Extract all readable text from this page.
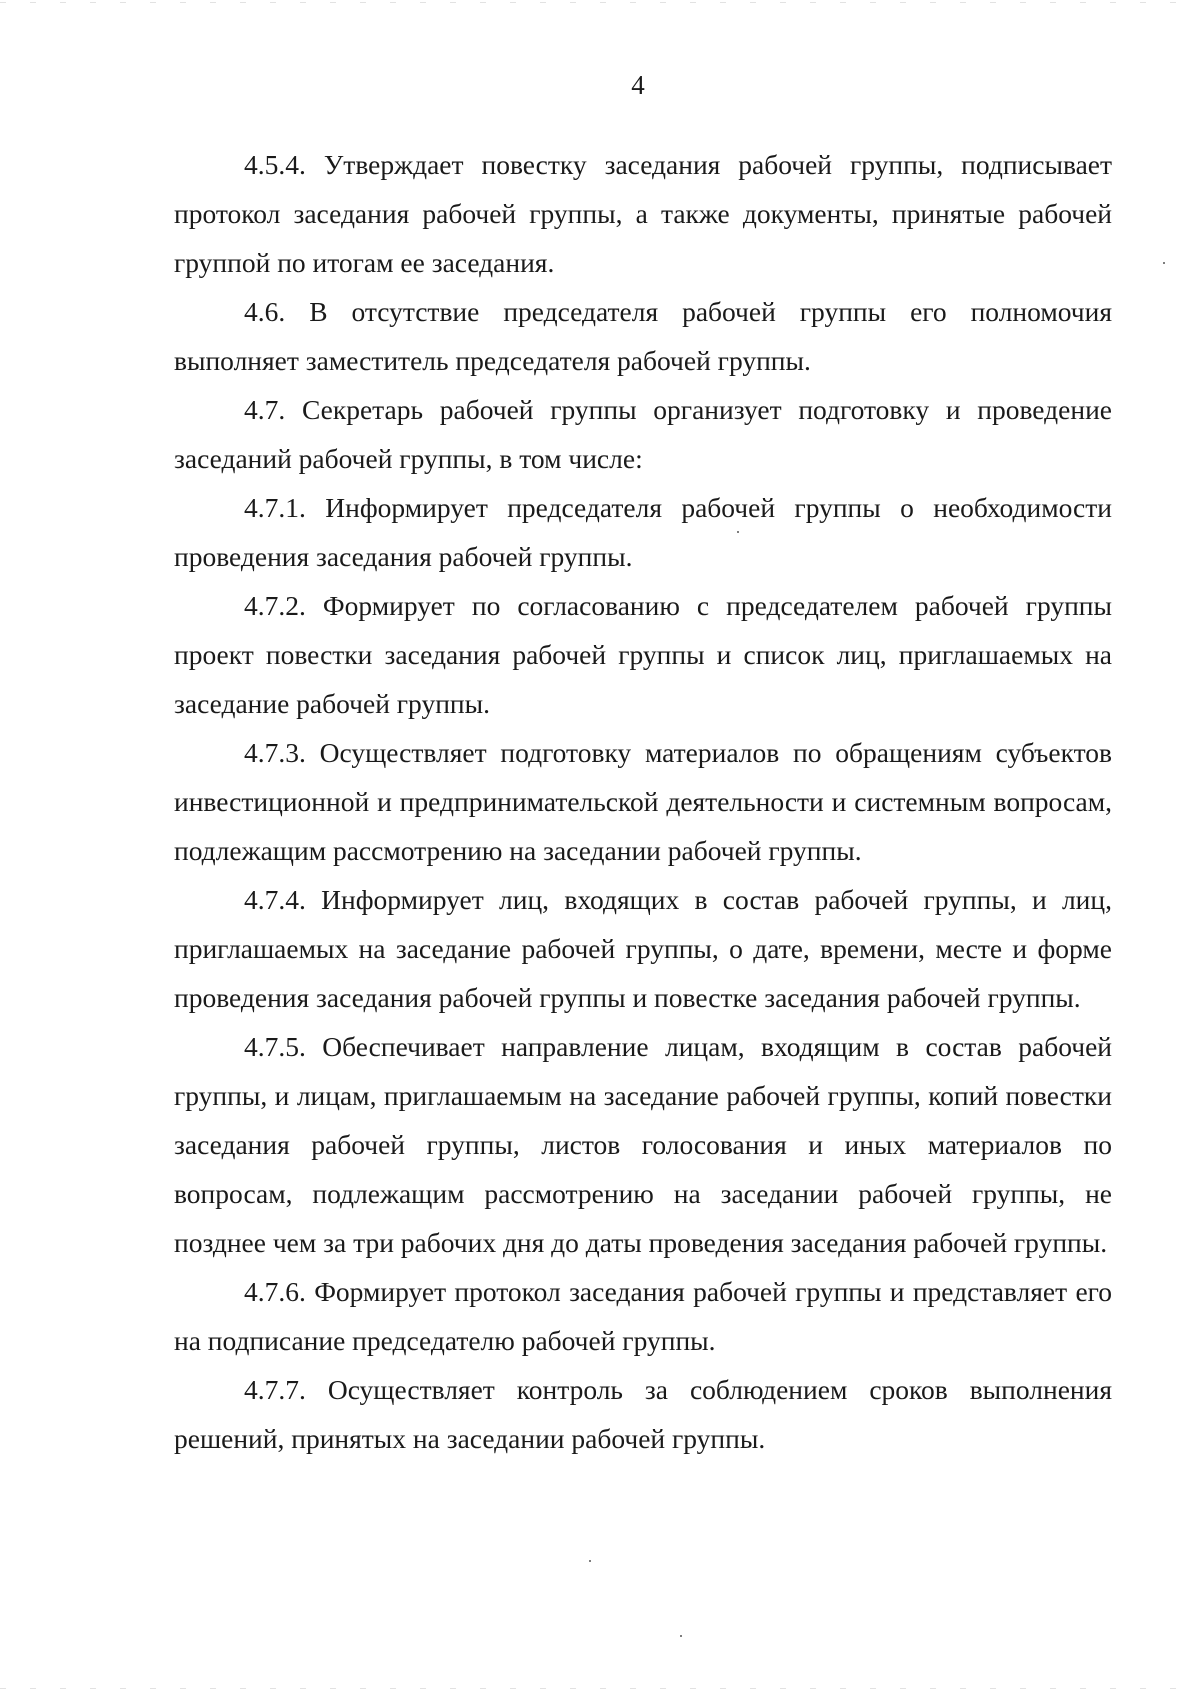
4

4.5.4. Утверждает повестку заседания рабочей группы, подписывает протокол заседания рабочей группы, а также документы, принятые рабочей группой по итогам ее заседания.

4.6. В отсутствие председателя рабочей группы его полномочия выполняет заместитель председателя рабочей группы.

4.7. Секретарь рабочей группы организует подготовку и проведение заседаний рабочей группы, в том числе:

4.7.1. Информирует председателя рабочей группы о необходимости проведения заседания рабочей группы.

4.7.2. Формирует по согласованию с председателем рабочей группы проект повестки заседания рабочей группы и список лиц, приглашаемых на заседание рабочей группы.

4.7.3. Осуществляет подготовку материалов по обращениям субъектов инвестиционной и предпринимательской деятельности и системным вопросам, подлежащим рассмотрению на заседании рабочей группы.

4.7.4. Информирует лиц, входящих в состав рабочей группы, и лиц, приглашаемых на заседание рабочей группы, о дате, времени, месте и форме проведения заседания рабочей группы и повестке заседания рабочей группы.

4.7.5. Обеспечивает направление лицам, входящим в состав рабочей группы, и лицам, приглашаемым на заседание рабочей группы, копий повестки заседания рабочей группы, листов голосования и иных материалов по вопросам, подлежащим рассмотрению на заседании рабочей группы, не позднее чем за три рабочих дня до даты проведения заседания рабочей группы.

4.7.6. Формирует протокол заседания рабочей группы и представляет его на подписание председателю рабочей группы.

4.7.7. Осуществляет контроль за соблюдением сроков выполнения решений, принятых на заседании рабочей группы.
